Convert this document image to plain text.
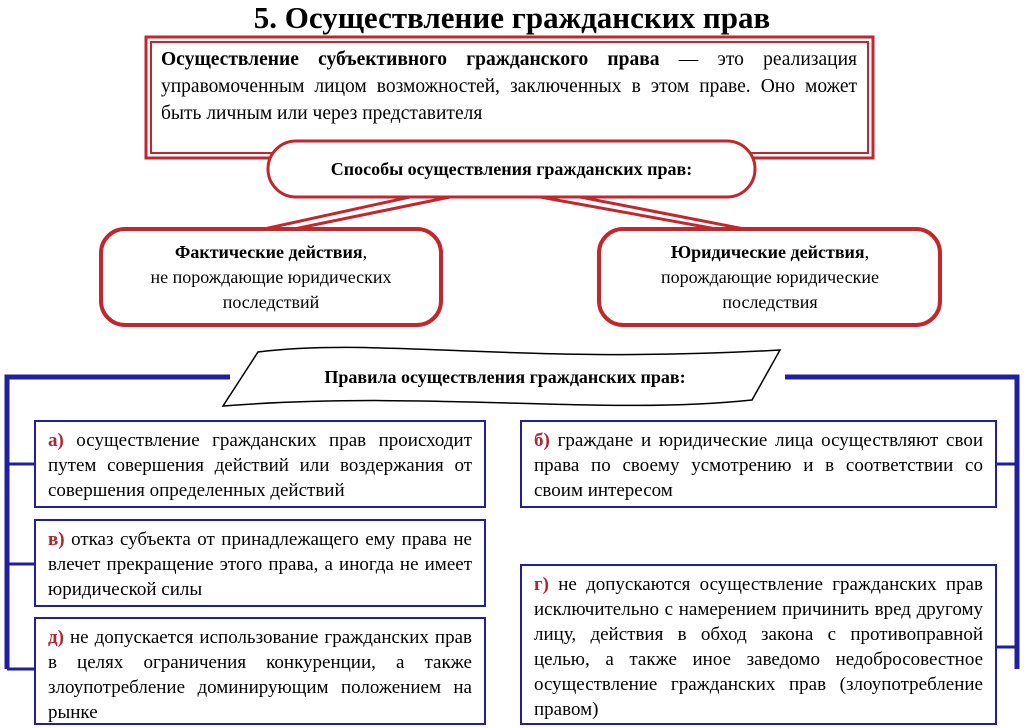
5. Осуществление гражданских прав

Осуществление субъективного гражданского права — это реализация управомоченным лицом возможностей, заключенных в этом праве. Оно может быть личным или через представителя

Способы осуществления гражданских прав:
Фактические действия,
не порождающие юридических последствий
Юридические действия,
порождающие юридические последствия
Правила осуществления гражданских прав:
а) осуществление гражданских прав происходит путем совершения действий или воздержания от совершения определенных действий
б) граждане и юридические лица осуществляют свои права по своему усмотрению и в соответствии со своим интересом
в) отказ субъекта от принадлежащего ему права не влечет прекращение этого права, а иногда не имеет юридической силы	г) не допускаются осуществление гражданских прав исключительно с намерением причинить вред другому лицу, действия в обход закона с противоправной целью, а также иное заведомо недобросовестное осуществление гражданских прав (злоупотребление правом)
д) не допускается использование гражданских прав в целях ограничения конкуренции, а также злоупотребление доминирующим положением на рынке
